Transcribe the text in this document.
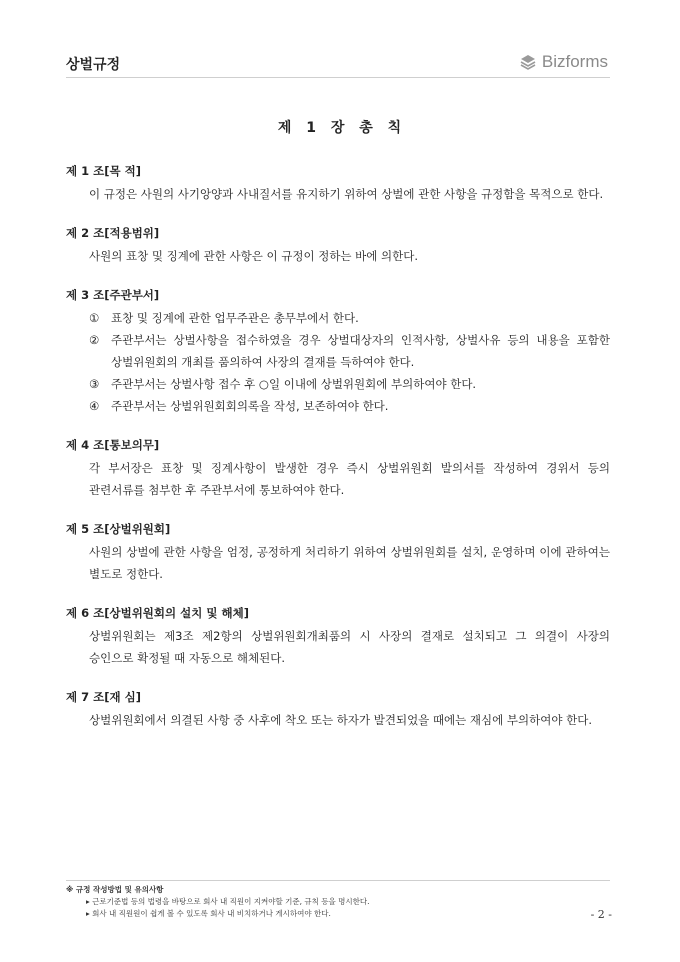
상벌규정	Bizforms
제 1 장 총 칙
제 1 조[목 적]
이 규정은 사원의 사기앙양과 사내질서를 유지하기 위하여 상벌에 관한 사항을 규정함을 목적으로 한다.
제 2 조[적용범위]
사원의 표창 및 징계에 관한 사항은 이 규정이 정하는 바에 의한다.
제 3 조[주관부서]
①	표창 및 징계에 관한 업무주관은 총무부에서 한다.
②	주관부서는 상벌사항을 접수하였을 경우 상벌대상자의 인적사항, 상벌사유 등의 내용을 포함한 상벌위원회의 개최를 품의하여 사장의 결재를 득하여야 한다.
③	주관부서는 상벌사항 접수 후 ○일 이내에 상벌위원회에 부의하여야 한다.
④	주관부서는 상벌위원회회의록을 작성, 보존하여야 한다.
제 4 조[통보의무]
각 부서장은 표창 및 징계사항이 발생한 경우 즉시 상벌위원회 발의서를 작성하여 경위서 등의 관련서류를 첨부한 후 주관부서에 통보하여야 한다.
제 5 조[상벌위원회]
사원의 상벌에 관한 사항을 엄정, 공정하게 처리하기 위하여 상벌위원회를 설치, 운영하며 이에 관하여는 별도로 정한다.
제 6 조[상벌위원회의 설치 및 해체]
상벌위원회는 제3조 제2항의 상벌위원회개최품의 시 사장의 결재로 설치되고 그 의결이 사장의 승인으로 확정될 때 자동으로 해체된다.
제 7 조[재 심]
상벌위원회에서 의결된 사항 중 사후에 착오 또는 하자가 발견되었을 때에는 재심에 부의하여야 한다.
※ 규정 작성방법 및 유의사항
▸ 근로기준법 등의 법령을 바탕으로 회사 내 직원이 지켜야할 기준, 규칙 등을 명시한다.
▸ 회사 내 직원원이 쉽게 볼 수 있도록 회사 내 비치하거나 게시하여야 한다.	- 2 -
